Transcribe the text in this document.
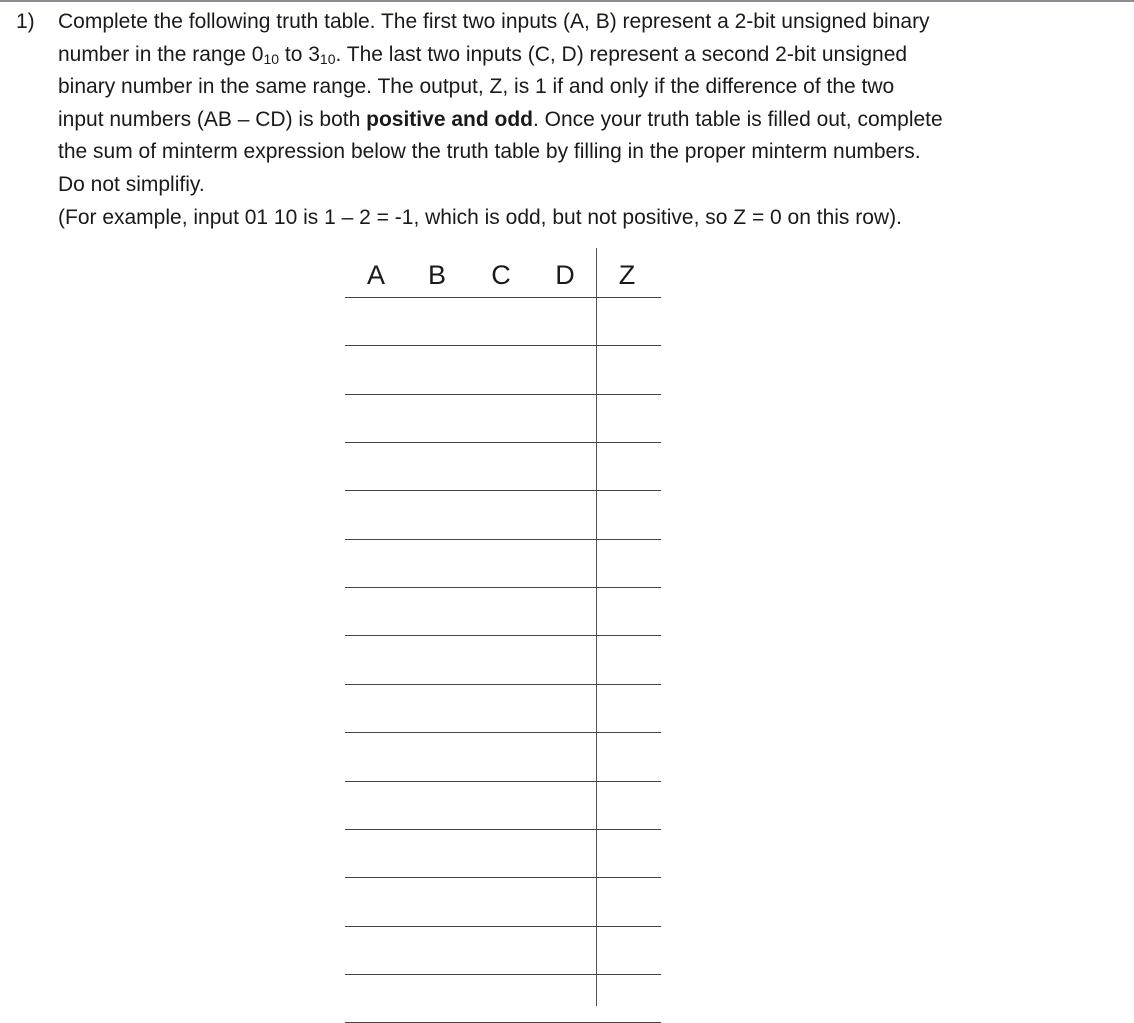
1) Complete the following truth table. The first two inputs (A, B) represent a 2-bit unsigned binary
number in the range $0_{10}$ to $3_{10}$. The last two inputs (C, D) represent a second 2-bit unsigned
binary number in the same range. The output, Z, is 1 if and only if the difference of the two
input numbers (AB – CD) is both positive and odd. Once your truth table is filled out, complete
the sum of minterm expression below the truth table by filling in the proper minterm numbers.
Do not simplifiy.
(For example, input 01 10 is 1 – 2 = -1, which is odd, but not positive, so Z = 0 on this row).
A B C D Z
